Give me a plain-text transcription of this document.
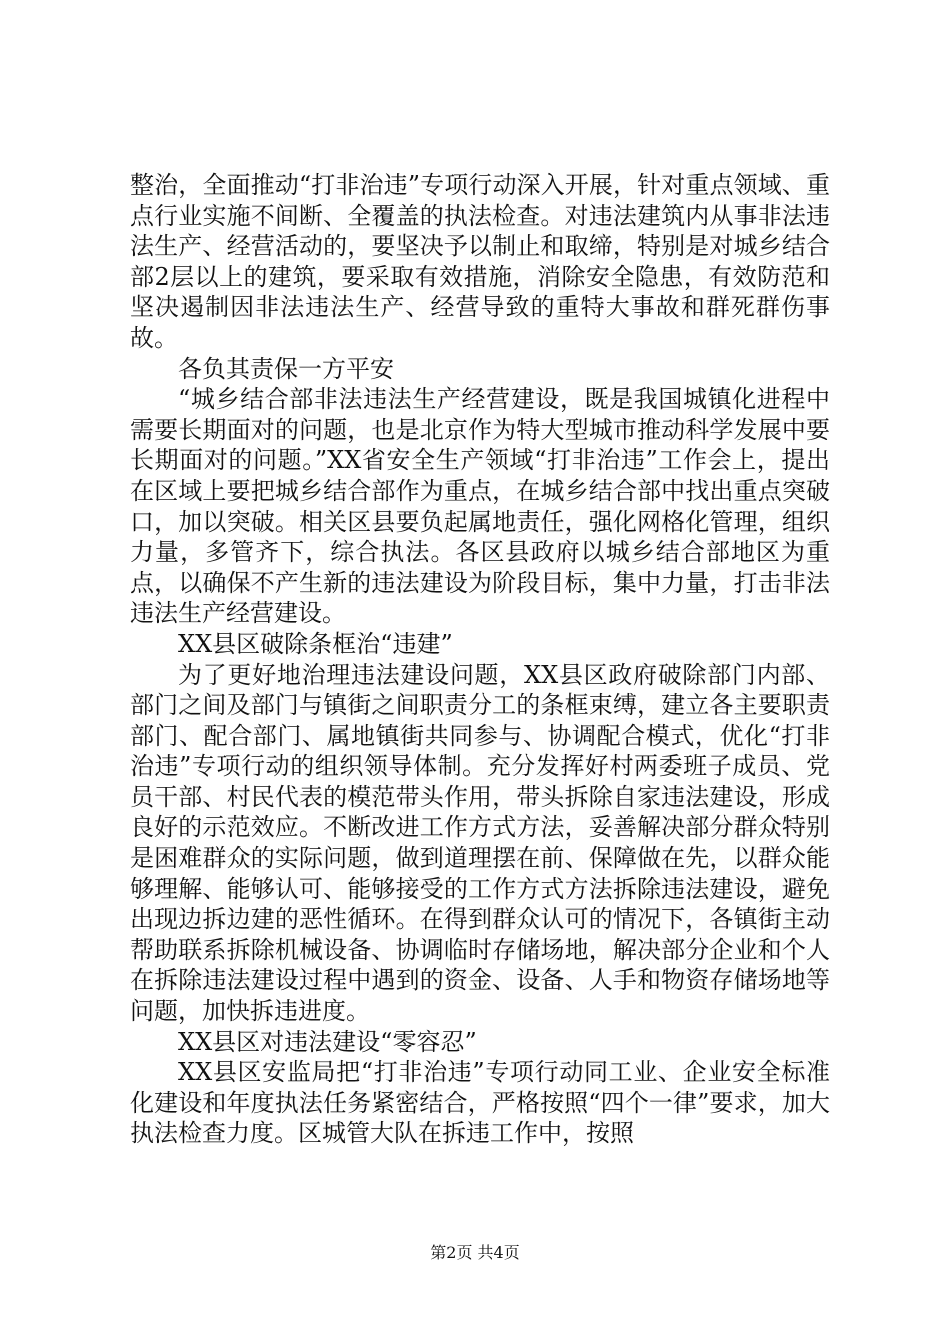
整治，全面推动“打非治违”专项行动深入开展，针对重点领域、重点行业实施不间断、全覆盖的执法检查。对违法建筑内从事非法违法生产、经营活动的，要坚决予以制止和取缔，特别是对城乡结合部2层以上的建筑，要采取有效措施，消除安全隐患，有效防范和坚决遏制因非法违法生产、经营导致的重特大事故和群死群伤事故。

各负其责保一方平安

“城乡结合部非法违法生产经营建设，既是我国城镇化进程中需要长期面对的问题，也是北京作为特大型城市推动科学发展中要长期面对的问题。”XX省安全生产领域“打非治违”工作会上，提出在区域上要把城乡结合部作为重点，在城乡结合部中找出重点突破口，加以突破。相关区县要负起属地责任，强化网格化管理，组织力量，多管齐下，综合执法。各区县政府以城乡结合部地区为重点，以确保不产生新的违法建设为阶段目标，集中力量，打击非法违法生产经营建设。

XX县区破除条框治“违建”

为了更好地治理违法建设问题，XX县区政府破除部门内部、部门之间及部门与镇街之间职责分工的条框束缚，建立各主要职责部门、配合部门、属地镇街共同参与、协调配合模式，优化“打非治违”专项行动的组织领导体制。充分发挥好村两委班子成员、党员干部、村民代表的模范带头作用，带头拆除自家违法建设，形成良好的示范效应。不断改进工作方式方法，妥善解决部分群众特别是困难群众的实际问题，做到道理摆在前、保障做在先，以群众能够理解、能够认可、能够接受的工作方式方法拆除违法建设，避免出现边拆边建的恶性循环。在得到群众认可的情况下，各镇街主动帮助联系拆除机械设备、协调临时存储场地，解决部分企业和个人在拆除违法建设过程中遇到的资金、设备、人手和物资存储场地等问题，加快拆违进度。

XX县区对违法建设“零容忍”

XX县区安监局把“打非治违”专项行动同工业、企业安全标准化建设和年度执法任务紧密结合，严格按照“四个一律”要求，加大执法检查力度。区城管大队在拆违工作中，按照

第2页 共4页
